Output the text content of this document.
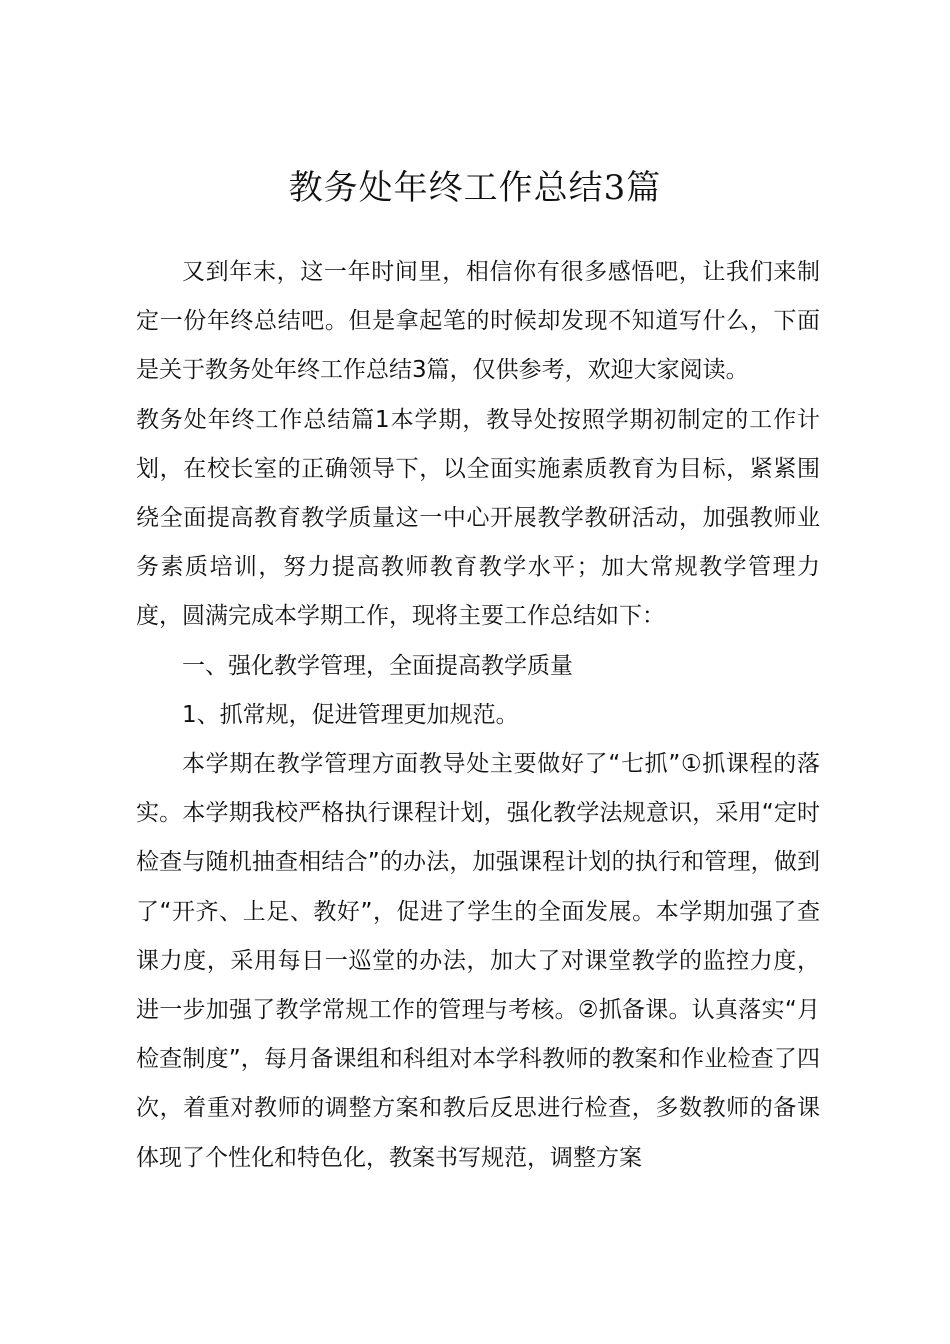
教务处年终工作总结3篇

又到年末，这一年时间里，相信你有很多感悟吧，让我们来制定一份年终总结吧。但是拿起笔的时候却发现不知道写什么，下面是关于教务处年终工作总结3篇，仅供参考，欢迎大家阅读。

教务处年终工作总结篇1本学期，教导处按照学期初制定的工作计划，在校长室的正确领导下，以全面实施素质教育为目标，紧紧围绕全面提高教育教学质量这一中心开展教学教研活动，加强教师业务素质培训，努力提高教师教育教学水平；加大常规教学管理力度，圆满完成本学期工作，现将主要工作总结如下：

一、强化教学管理，全面提高教学质量

1、抓常规，促进管理更加规范。

本学期在教学管理方面教导处主要做好了“七抓”①抓课程的落实。本学期我校严格执行课程计划，强化教学法规意识，采用“定时检查与随机抽查相结合”的办法，加强课程计划的执行和管理，做到了“开齐、上足、教好”，促进了学生的全面发展。本学期加强了查课力度，采用每日一巡堂的办法，加大了对课堂教学的监控力度，进一步加强了教学常规工作的管理与考核。②抓备课。认真落实“月检查制度”，每月备课组和科组对本学科教师的教案和作业检查了四次，着重对教师的调整方案和教后反思进行检查，多数教师的备课体现了个性化和特色化，教案书写规范，调整方案
